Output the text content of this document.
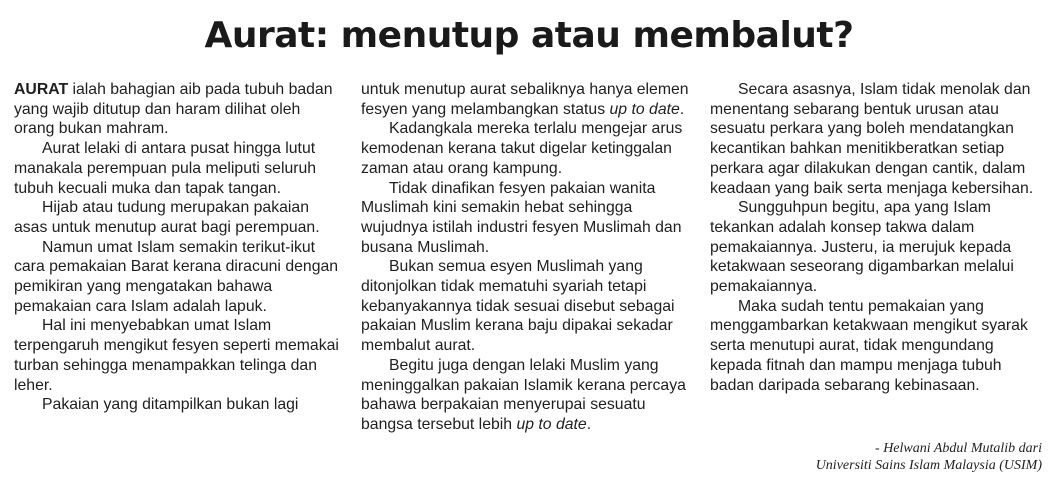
Aurat: menutup atau membalut?

AURAT ialah bahagian aib pada tubuh badan yang wajib ditutup dan haram dilihat oleh orang bukan mahram.

Aurat lelaki di antara pusat hingga lutut manakala perempuan pula meliputi seluruh tubuh kecuali muka dan tapak tangan.

Hijab atau tudung merupakan pakaian asas untuk menutup aurat bagi perempuan.

Namun umat Islam semakin terikut-ikut cara pemakaian Barat kerana diracuni dengan pemikiran yang mengatakan bahawa pemakaian cara Islam adalah lapuk.

Hal ini menyebabkan umat Islam terpengaruh mengikut fesyen seperti memakai turban sehingga menampakkan telinga dan leher.

Pakaian yang ditampilkan bukan lagi

untuk menutup aurat sebaliknya hanya elemen fesyen yang melambangkan status up to date.

Kadangkala mereka terlalu mengejar arus kemodenan kerana takut digelar ketinggalan zaman atau orang kampung.

Tidak dinafikan fesyen pakaian wanita Muslimah kini semakin hebat sehingga wujudnya istilah industri fesyen Muslimah dan busana Muslimah.

Bukan semua esyen Muslimah yang ditonjolkan tidak mematuhi syariah tetapi kebanyakannya tidak sesuai disebut sebagai pakaian Muslim kerana baju dipakai sekadar membalut aurat.

Begitu juga dengan lelaki Muslim yang meninggalkan pakaian Islamik kerana percaya bahawa berpakaian menyerupai sesuatu bangsa tersebut lebih up to date.

Secara asasnya, Islam tidak menolak dan menentang sebarang bentuk urusan atau sesuatu perkara yang boleh mendatangkan kecantikan bahkan menitikberatkan setiap perkara agar dilakukan dengan cantik, dalam keadaan yang baik serta menjaga kebersihan.

Sungguhpun begitu, apa yang Islam tekankan adalah konsep takwa dalam pemakaiannya. Justeru, ia merujuk kepada ketakwaan seseorang digambarkan melalui pemakaiannya.

Maka sudah tentu pemakaian yang menggambarkan ketakwaan mengikut syarak serta menutupi aurat, tidak mengundang kepada fitnah dan mampu menjaga tubuh badan daripada sebarang kebinasaan.

- Helwani Abdul Mutalib dari
Universiti Sains Islam Malaysia (USIM)
